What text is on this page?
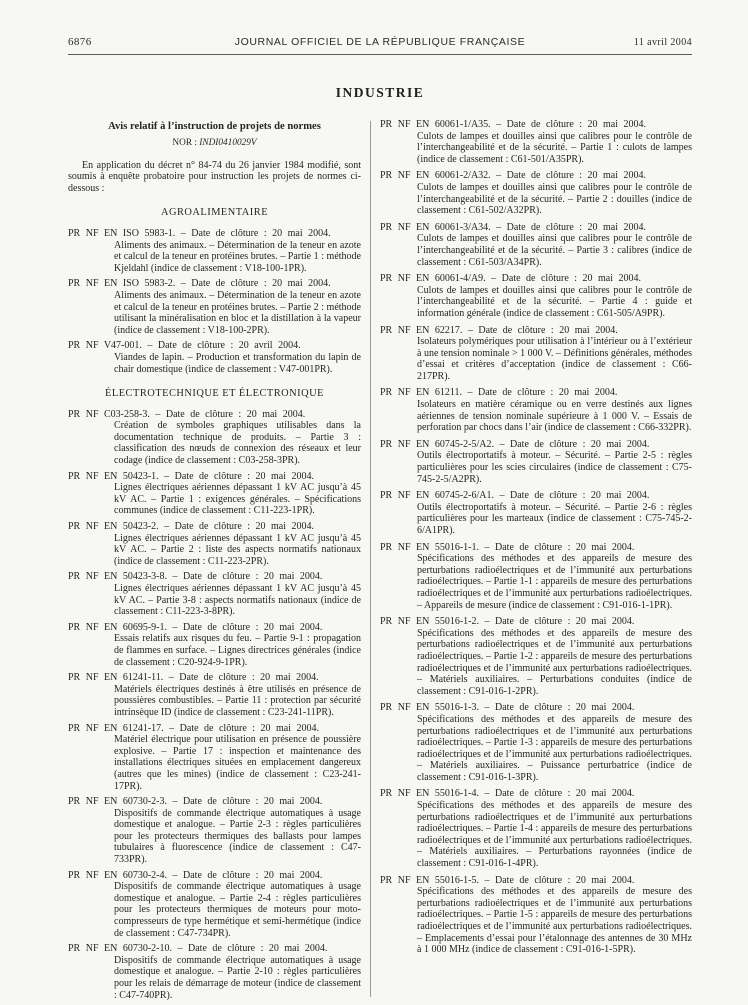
6876	JOURNAL OFFICIEL DE LA RÉPUBLIQUE FRANÇAISE	11 avril 2004
INDUSTRIE
Avis relatif à l’instruction de projets de normes
NOR : INDI0410029V

En application du décret n° 84-74 du 26 janvier 1984 modifié, sont soumis à enquête probatoire pour instruction les projets de normes ci-dessous :

AGROALIMENTAIRE

PR NF EN ISO 5983-1. – Date de clôture : 20 mai 2004.

Aliments des animaux. – Détermination de la teneur en azote et calcul de la teneur en protéines brutes. – Partie 1 : méthode Kjeldahl (indice de classement : V18-100-1PR).

PR NF EN ISO 5983-2. – Date de clôture : 20 mai 2004.

Aliments des animaux. – Détermination de la teneur en azote et calcul de la teneur en protéines brutes. – Partie 2 : méthode utilisant la minéralisation en bloc et la distillation à la vapeur (indice de classement : V18-100-2PR).

PR NF V47-001. – Date de clôture : 20 avril 2004.

Viandes de lapin. – Production et transformation du lapin de chair domestique (indice de classement : V47-001PR).

ÉLECTROTECHNIQUE ET ÉLECTRONIQUE

PR NF C03-258-3. – Date de clôture : 20 mai 2004.

Création de symboles graphiques utilisables dans la documentation technique de produits. – Partie 3 : classification des nœuds de connexion des réseaux et leur codage (indice de classement : C03-258-3PR).

PR NF EN 50423-1. – Date de clôture : 20 mai 2004.

Lignes électriques aériennes dépassant 1 kV AC jusqu’à 45 kV AC. – Partie 1 : exigences générales. – Spécifications communes (indice de classement : C11-223-1PR).

PR NF EN 50423-2. – Date de clôture : 20 mai 2004.

Lignes électriques aériennes dépassant 1 kV AC jusqu’à 45 kV AC. – Partie 2 : liste des aspects normatifs nationaux (indice de classement : C11-223-2PR).

PR NF EN 50423-3-8. – Date de clôture : 20 mai 2004.

Lignes électriques aériennes dépassant 1 kV AC jusqu’à 45 kV AC. – Partie 3-8 : aspects normatifs nationaux (indice de classement : C11-223-3-8PR).

PR NF EN 60695-9-1. – Date de clôture : 20 mai 2004.

Essais relatifs aux risques du feu. – Partie 9-1 : propagation de flammes en surface. – Lignes directrices générales (indice de classement : C20-924-9-1PR).

PR NF EN 61241-11. – Date de clôture : 20 mai 2004.

Matériels électriques destinés à être utilisés en présence de poussières combustibles. – Partie 11 : protection par sécurité intrinsèque ID (indice de classement : C23-241-11PR).

PR NF EN 61241-17. – Date de clôture : 20 mai 2004.

Matériel électrique pour utilisation en présence de poussière explosive. – Partie 17 : inspection et maintenance des installations électriques situées en emplacement dangereux (autres que les mines) (indice de classement : C23-241-17PR).

PR NF EN 60730-2-3. – Date de clôture : 20 mai 2004.

Dispositifs de commande électrique automatiques à usage domestique et analogue. – Partie 2-3 : règles particulières pour les protecteurs thermiques des ballasts pour lampes tubulaires à fluorescence (indice de classement : C47-733PR).

PR NF EN 60730-2-4. – Date de clôture : 20 mai 2004.

Dispositifs de commande électrique automatiques à usage domestique et analogue. – Partie 2-4 : règles particulières pour les protecteurs thermiques de moteurs pour moto-compresseurs de type hermétique et semi-hermétique (indice de classement : C47-734PR).

PR NF EN 60730-2-10. – Date de clôture : 20 mai 2004.

Dispositifs de commande électrique automatiques à usage domestique et analogue. – Partie 2-10 : règles particulières pour les relais de démarrage de moteur (indice de classement : C47-740PR).

PR NF EN 60061-1/A35. – Date de clôture : 20 mai 2004.

Culots de lampes et douilles ainsi que calibres pour le contrôle de l’interchangeabilité et de la sécurité. – Partie 1 : culots de lampes (indice de classement : C61-501/A35PR).

PR NF EN 60061-2/A32. – Date de clôture : 20 mai 2004.

Culots de lampes et douilles ainsi que calibres pour le contrôle de l’interchangeabilité et de la sécurité. – Partie 2 : douilles (indice de classement : C61-502/A32PR).

PR NF EN 60061-3/A34. – Date de clôture : 20 mai 2004.

Culots de lampes et douilles ainsi que calibres pour le contrôle de l’interchangeabilité et de la sécurité. – Partie 3 : calibres (indice de classement : C61-503/A34PR).

PR NF EN 60061-4/A9. – Date de clôture : 20 mai 2004.

Culots de lampes et douilles ainsi que calibres pour le contrôle de l’interchangeabilité et de la sécurité. – Partie 4 : guide et information générale (indice de classement : C61-505/A9PR).

PR NF EN 62217. – Date de clôture : 20 mai 2004.

Isolateurs polymériques pour utilisation à l’intérieur ou à l’extérieur à une tension nominale > 1 000 V. – Définitions générales, méthodes d’essai et critères d’acceptation (indice de classement : C66-217PR).

PR NF EN 61211. – Date de clôture : 20 mai 2004.

Isolateurs en matière céramique ou en verre destinés aux lignes aériennes de tension nominale supérieure à 1 000 V. – Essais de perforation par chocs dans l’air (indice de classement : C66-332PR).

PR NF EN 60745-2-5/A2. – Date de clôture : 20 mai 2004.

Outils électroportatifs à moteur. – Sécurité. – Partie 2-5 : règles particulières pour les scies circulaires (indice de classement : C75-745-2-5/A2PR).

PR NF EN 60745-2-6/A1. – Date de clôture : 20 mai 2004.

Outils électroportatifs à moteur. – Sécurité. – Partie 2-6 : règles particulières pour les marteaux (indice de classement : C75-745-2-6/A1PR).

PR NF EN 55016-1-1. – Date de clôture : 20 mai 2004.

Spécifications des méthodes et des appareils de mesure des perturbations radioélectriques et de l’immunité aux perturbations radioélectriques. – Partie 1-1 : appareils de mesure des perturbations radioélectriques et de l’immunité aux perturbations radioélectriques. – Appareils de mesure (indice de classement : C91-016-1-1PR).

PR NF EN 55016-1-2. – Date de clôture : 20 mai 2004.

Spécifications des méthodes et des appareils de mesure des perturbations radioélectriques et de l’immunité aux perturbations radioélectriques. – Partie 1-2 : appareils de mesure des perturbations radioélectriques et de l’immunité aux perturbations radioélectriques. – Matériels auxiliaires. – Perturbations conduites (indice de classement : C91-016-1-2PR).

PR NF EN 55016-1-3. – Date de clôture : 20 mai 2004.

Spécifications des méthodes et des appareils de mesure des perturbations radioélectriques et de l’immunité aux perturbations radioélectriques. – Partie 1-3 : appareils de mesure des perturbations radioélectriques et de l’immunité aux perturbations radioélectriques. – Matériels auxiliaires. – Puissance perturbatrice (indice de classement : C91-016-1-3PR).

PR NF EN 55016-1-4. – Date de clôture : 20 mai 2004.

Spécifications des méthodes et des appareils de mesure des perturbations radioélectriques et de l’immunité aux perturbations radioélectriques. – Partie 1-4 : appareils de mesure des perturbations radioélectriques et de l’immunité aux perturbations radioélectriques. – Matériels auxiliaires. – Perturbations rayonnées (indice de classement : C91-016-1-4PR).

PR NF EN 55016-1-5. – Date de clôture : 20 mai 2004.

Spécifications des méthodes et des appareils de mesure des perturbations radioélectriques et de l’immunité aux perturbations radioélectriques. – Partie 1-5 : appareils de mesure des perturbations radioélectriques et de l’immunité aux perturbations radioélectriques. – Emplacements d’essai pour l’étalonnage des antennes de 30 MHz à 1 000 MHz (indice de classement : C91-016-1-5PR).
